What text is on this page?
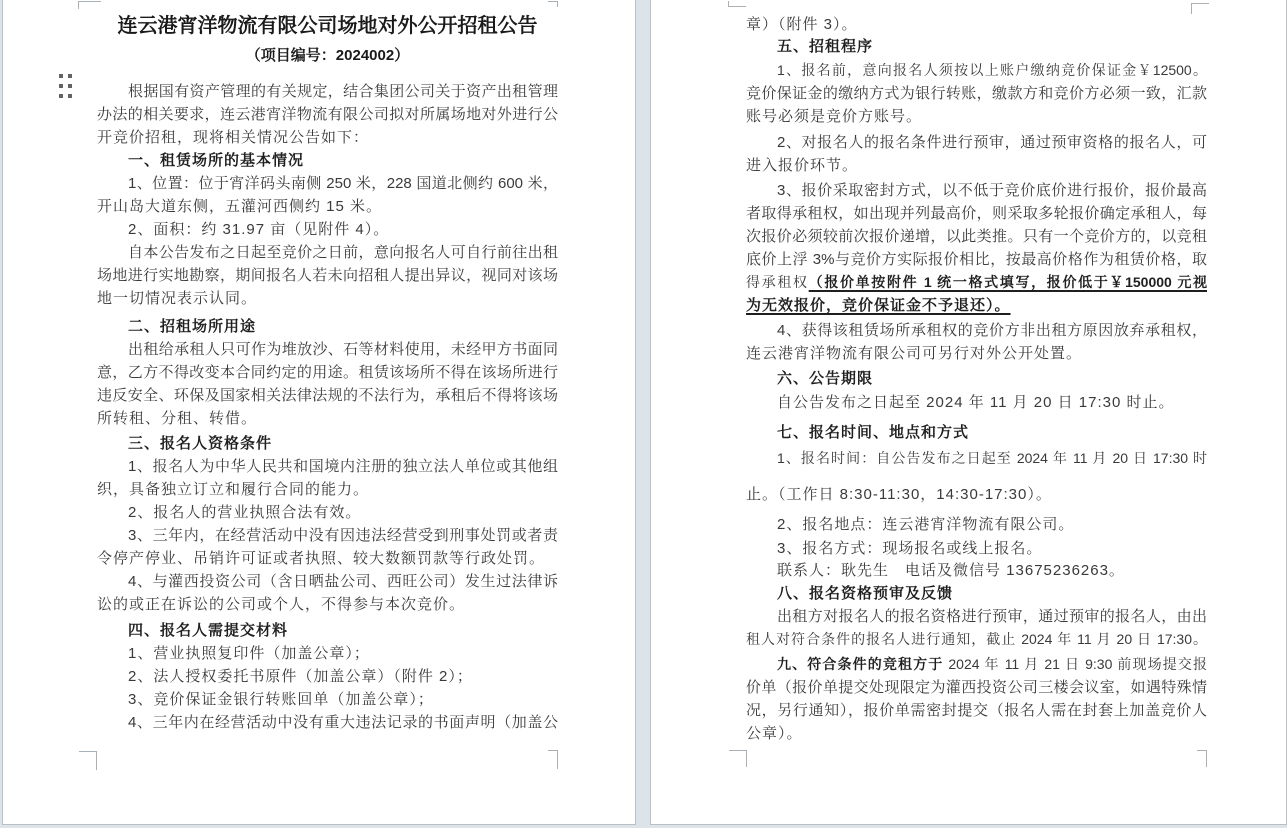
连云港宵洋物流有限公司场地对外公开招租公告
（项目编号：2024002）
根据国有资产管理的有关规定，结合集团公司关于资产出租管理
办法的相关要求，连云港宵洋物流有限公司拟对所属场地对外进行公
开竞价招租，现将相关情况公告如下：
一、租赁场所的基本情况
1、位置：位于宵洋码头南侧 250 米，228 国道北侧约 600 米，
开山岛大道东侧，五灌河西侧约 15 米。
2、面积：约 31.97 亩（见附件 4）。
自本公告发布之日起至竞价之日前，意向报名人可自行前往出租
场地进行实地勘察，期间报名人若未向招租人提出异议，视同对该场
地一切情况表示认同。
二、招租场所用途
出租给承租人只可作为堆放沙、石等材料使用，未经甲方书面同
意，乙方不得改变本合同约定的用途。租赁该场所不得在该场所进行
违反安全、环保及国家相关法律法规的不法行为，承租后不得将该场
所转租、分租、转借。
三、报名人资格条件
1、报名人为中华人民共和国境内注册的独立法人单位或其他组
织，具备独立订立和履行合同的能力。
2、报名人的营业执照合法有效。
3、三年内，在经营活动中没有因违法经营受到刑事处罚或者责
令停产停业、吊销许可证或者执照、较大数额罚款等行政处罚。
4、与灌西投资公司（含日晒盐公司、西旺公司）发生过法律诉
讼的或正在诉讼的公司或个人，不得参与本次竞价。
四、报名人需提交材料
1、营业执照复印件（加盖公章）；
2、法人授权委托书原件（加盖公章）（附件 2）；
3、竞价保证金银行转账回单（加盖公章）；
4、三年内在经营活动中没有重大违法记录的书面声明（加盖公
章）（附件 3）。
五、招租程序
1、报名前，意向报名人须按以上账户缴纳竞价保证金￥12500。
竞价保证金的缴纳方式为银行转账，缴款方和竞价方必须一致，汇款
账号必须是竞价方账号。
2、对报名人的报名条件进行预审，通过预审资格的报名人，可
进入报价环节。
3、报价采取密封方式，以不低于竞价底价进行报价，报价最高
者取得承租权，如出现并列最高价，则采取多轮报价确定承租人，每
次报价必须较前次报价递增，以此类推。只有一个竞价方的，以竞租
底价上浮 3%与竞价方实际报价相比，按最高价格作为租赁价格，取
得承租权（报价单按附件 1 统一格式填写，报价低于￥150000 元视
为无效报价，竞价保证金不予退还）。
4、获得该租赁场所承租权的竞价方非出租方原因放弃承租权，
连云港宵洋物流有限公司可另行对外公开处置。
六、公告期限
自公告发布之日起至 2024 年 11 月 20 日 17:30 时止。
七、报名时间、地点和方式
1、报名时间：自公告发布之日起至 2024 年 11 月 20 日 17:30 时
止。（工作日 8:30-11:30，14:30-17:30）。
2、报名地点：连云港宵洋物流有限公司。
3、报名方式：现场报名或线上报名。
联系人：耿先生　电话及微信号 13675236263。
八、报名资格预审及反馈
出租方对报名人的报名资格进行预审，通过预审的报名人，由出
租人对符合条件的报名人进行通知，截止 2024 年 11 月 20 日 17:30。
九、符合条件的竞租方于 2024 年 11 月 21 日 9:30 前现场提交报
价单（报价单提交处现限定为灌西投资公司三楼会议室，如遇特殊情
况，另行通知），报价单需密封提交（报名人需在封套上加盖竞价人
公章）。
